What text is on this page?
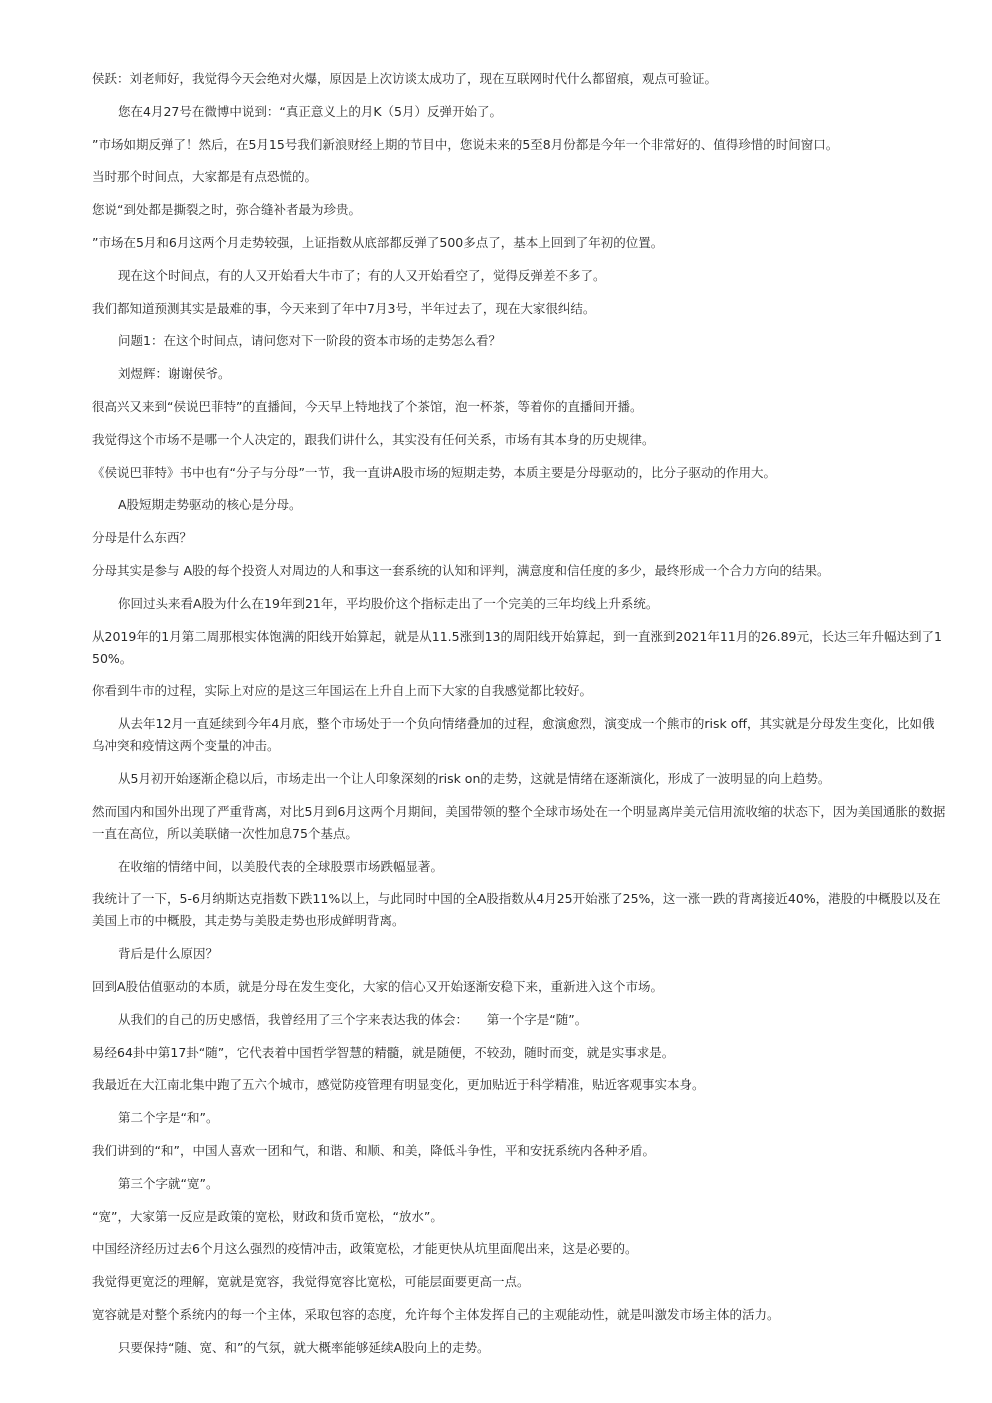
侯跃：刘老师好，我觉得今天会绝对火爆，原因是上次访谈太成功了，现在互联网时代什么都留痕，观点可验证。

您在4月27号在微博中说到：“真正意义上的月K（5月）反弹开始了。

”市场如期反弹了！然后，在5月15号我们新浪财经上期的节目中，您说未来的5至8月份都是今年一个非常好的、值得珍惜的时间窗口。

当时那个时间点，大家都是有点恐慌的。

您说“到处都是撕裂之时，弥合缝补者最为珍贵。

”市场在5月和6月这两个月走势较强，上证指数从底部都反弹了500多点了，基本上回到了年初的位置。

现在这个时间点，有的人又开始看大牛市了；有的人又开始看空了，觉得反弹差不多了。

我们都知道预测其实是最难的事，今天来到了年中7月3号，半年过去了，现在大家很纠结。

问题1：在这个时间点，请问您对下一阶段的资本市场的走势怎么看？

刘煜辉：谢谢侯爷。

很高兴又来到“侯说巴菲特”的直播间，今天早上特地找了个茶馆，泡一杯茶，等着你的直播间开播。

我觉得这个市场不是哪一个人决定的，跟我们讲什么，其实没有任何关系，市场有其本身的历史规律。

《侯说巴菲特》书中也有“分子与分母”一节，我一直讲A股市场的短期走势，本质主要是分母驱动的，比分子驱动的作用大。

A股短期走势驱动的核心是分母。

分母是什么东西？

分母其实是参与 A股的每个投资人对周边的人和事这一套系统的认知和评判，满意度和信任度的多少，最终形成一个合力方向的结果。

你回过头来看A股为什么在19年到21年，平均股价这个指标走出了一个完美的三年均线上升系统。

从2019年的1月第二周那根实体饱满的阳线开始算起，就是从11.5涨到13的周阳线开始算起，到一直涨到2021年11月的26.89元，长达三年升幅达到了150%。

你看到牛市的过程，实际上对应的是这三年国运在上升自上而下大家的自我感觉都比较好。

从去年12月一直延续到今年4月底，整个市场处于一个负向情绪叠加的过程，愈演愈烈，演变成一个熊市的risk off，其实就是分母发生变化，比如俄乌冲突和疫情这两个变量的冲击。

从5月初开始逐渐企稳以后，市场走出一个让人印象深刻的risk on的走势，这就是情绪在逐渐演化，形成了一波明显的向上趋势。

然而国内和国外出现了严重背离，对比5月到6月这两个月期间，美国带领的整个全球市场处在一个明显离岸美元信用流收缩的状态下，因为美国通胀的数据一直在高位，所以美联储一次性加息75个基点。

在收缩的情绪中间，以美股代表的全球股票市场跌幅显著。

我统计了一下，5-6月纳斯达克指数下跌11%以上，与此同时中国的全A股指数从4月25开始涨了25%，这一涨一跌的背离接近40%，港股的中概股以及在美国上市的中概股，其走势与美股走势也形成鲜明背离。

背后是什么原因？

回到A股估值驱动的本质，就是分母在发生变化，大家的信心又开始逐渐安稳下来，重新进入这个市场。

从我们的自己的历史感悟，我曾经用了三个字来表达我的体会：　　第一个字是“随”。

易经64卦中第17卦“随”，它代表着中国哲学智慧的精髓，就是随便，不较劲，随时而变，就是实事求是。

我最近在大江南北集中跑了五六个城市，感觉防疫管理有明显变化，更加贴近于科学精准，贴近客观事实本身。

第二个字是“和”。

我们讲到的“和”，中国人喜欢一团和气，和谐、和顺、和美，降低斗争性，平和安抚系统内各种矛盾。

第三个字就“宽”。

“宽”，大家第一反应是政策的宽松，财政和货币宽松，“放水”。

中国经济经历过去6个月这么强烈的疫情冲击，政策宽松，才能更快从坑里面爬出来，这是必要的。

我觉得更宽泛的理解，宽就是宽容，我觉得宽容比宽松，可能层面要更高一点。

宽容就是对整个系统内的每一个主体，采取包容的态度，允许每个主体发挥自己的主观能动性，就是叫激发市场主体的活力。

只要保持“随、宽、和”的气氛，就大概率能够延续A股向上的走势。
